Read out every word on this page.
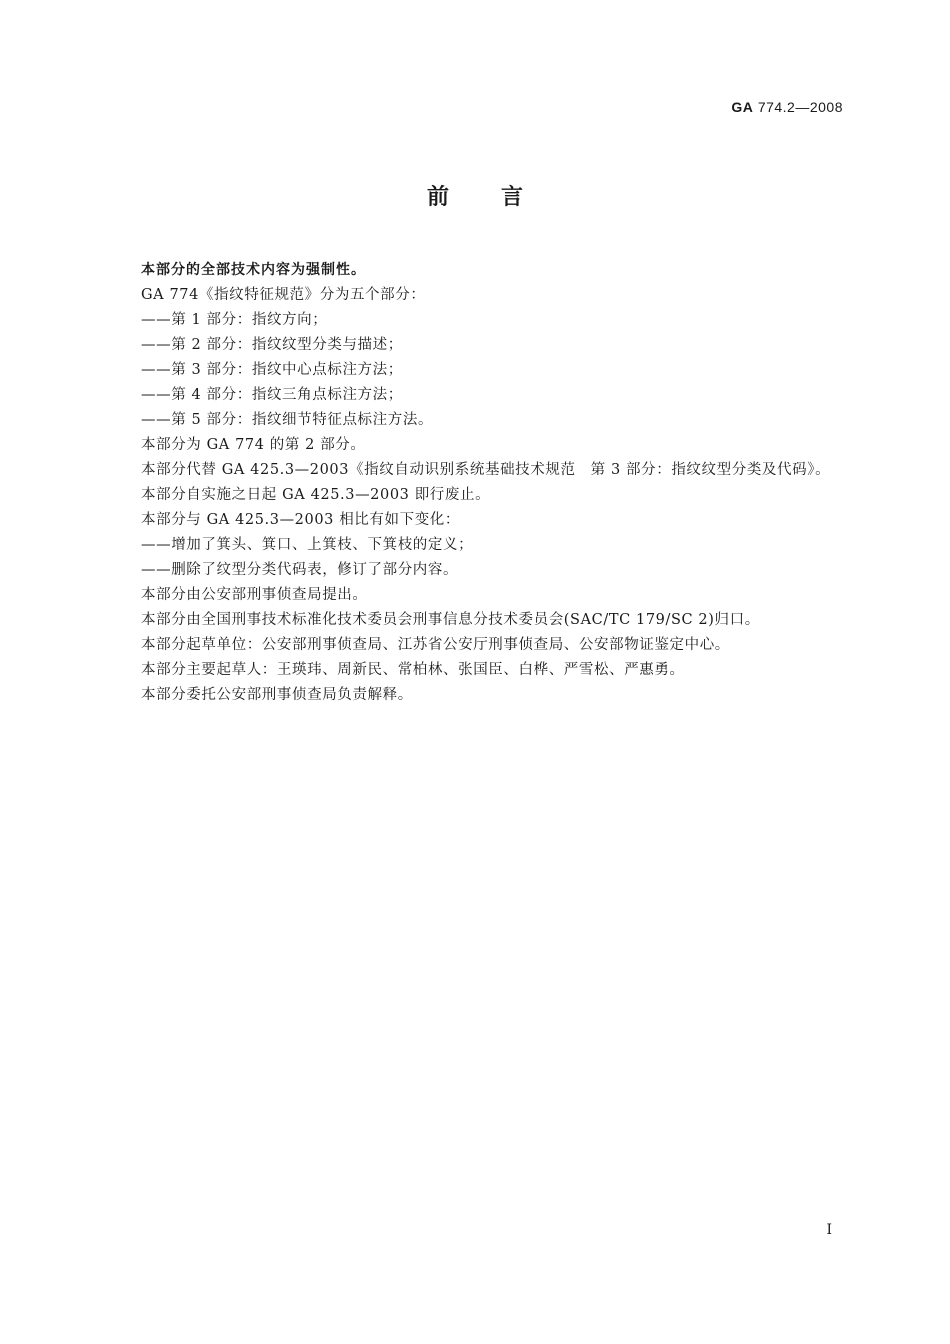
GA 774.2—2008
前言

本部分的全部技术内容为强制性。

GA 774《指纹特征规范》分为五个部分：

——第 1 部分：指纹方向；

——第 2 部分：指纹纹型分类与描述；

——第 3 部分：指纹中心点标注方法；

——第 4 部分：指纹三角点标注方法；

——第 5 部分：指纹细节特征点标注方法。

本部分为 GA 774 的第 2 部分。

本部分代替 GA 425.3—2003《指纹自动识别系统基础技术规范　第 3 部分：指纹纹型分类及代码》。

本部分自实施之日起 GA 425.3—2003 即行废止。

本部分与 GA 425.3—2003 相比有如下变化：

——增加了箕头、箕口、上箕枝、下箕枝的定义；

——删除了纹型分类代码表，修订了部分内容。

本部分由公安部刑事侦查局提出。

本部分由全国刑事技术标准化技术委员会刑事信息分技术委员会(SAC/TC 179/SC 2)归口。

本部分起草单位：公安部刑事侦查局、江苏省公安厅刑事侦查局、公安部物证鉴定中心。

本部分主要起草人：王瑛玮、周新民、常柏林、张国臣、白桦、严雪松、严惠勇。

本部分委托公安部刑事侦查局负责解释。

I
